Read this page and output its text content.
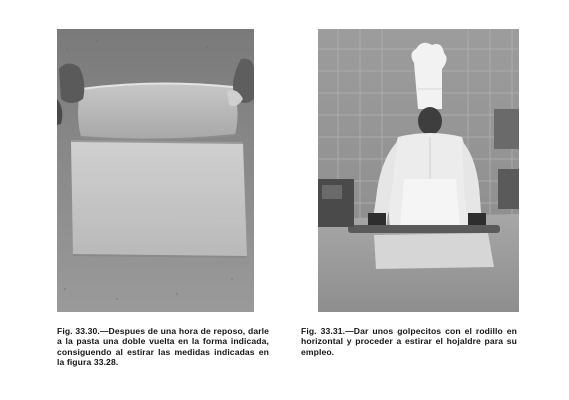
Fig. 33.30.—Despues de una hora de reposo, darle a la pasta una doble vuelta en la forma indicada, consiguendo al estirar las medidas indicadas en la figura 33.28.
Fig. 33.31.—Dar unos golpecitos con el rodillo en horizontal y proceder a estirar el hojaldre para su empleo.
